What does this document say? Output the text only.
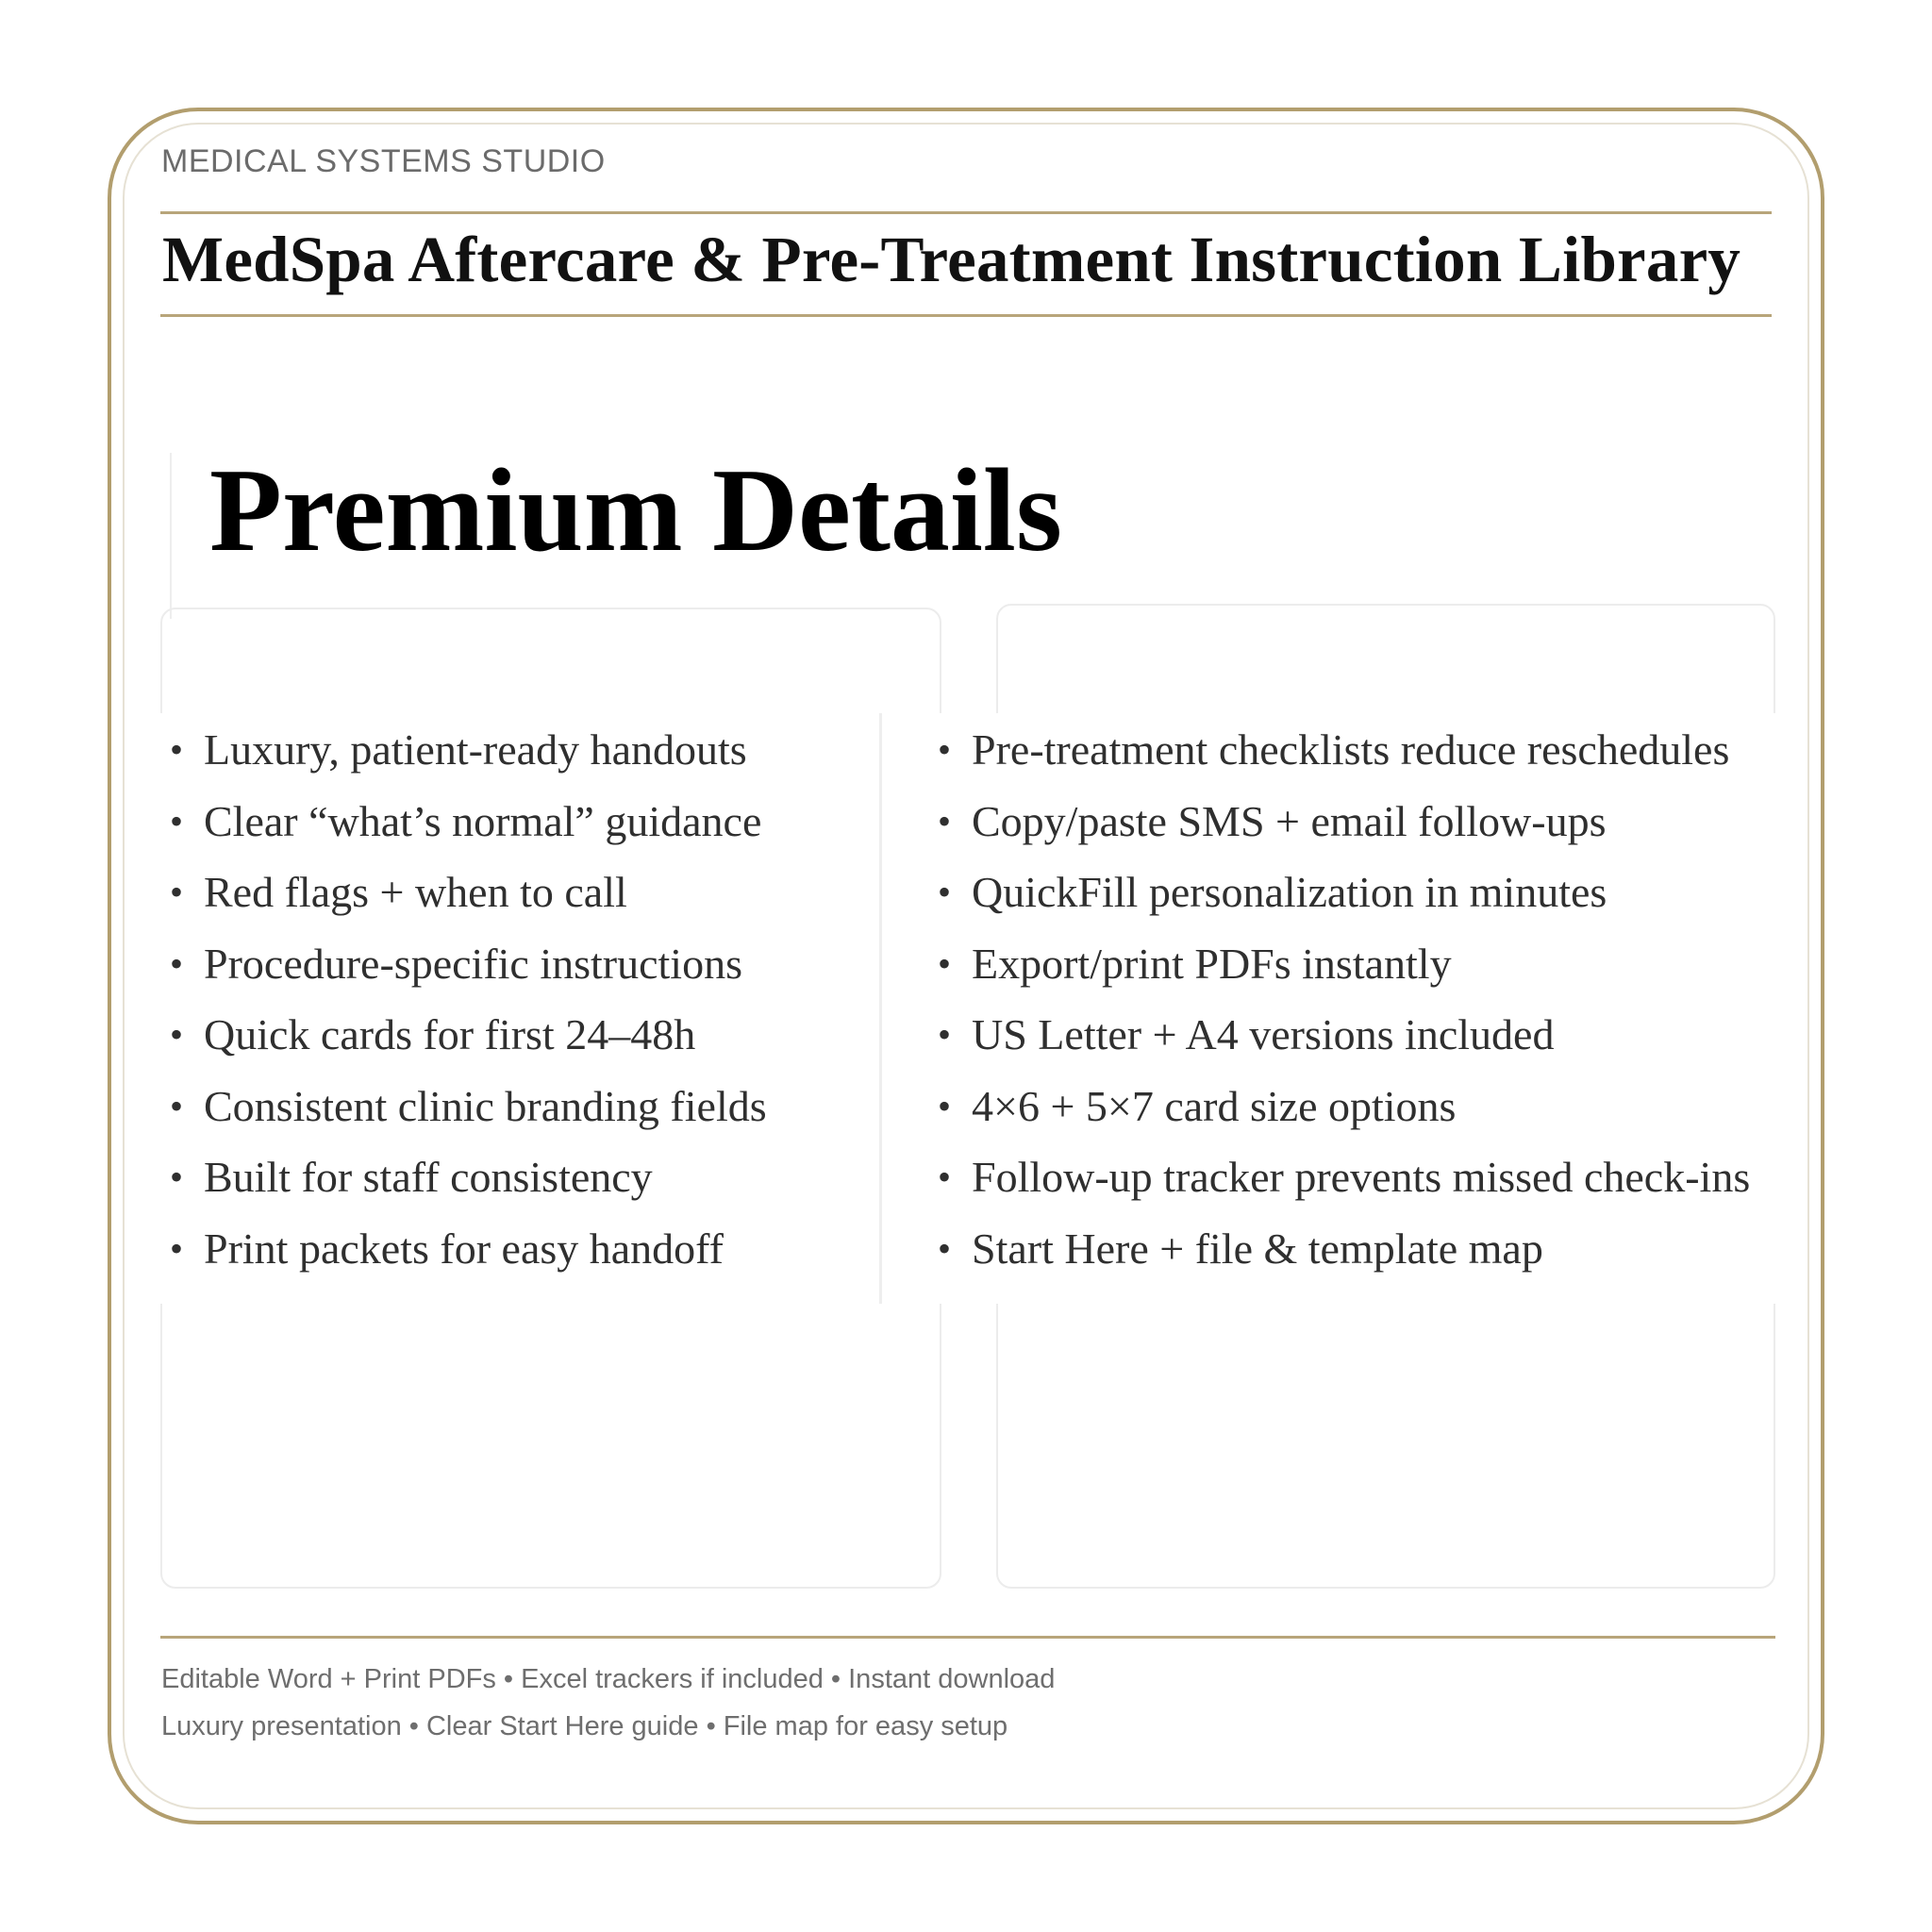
MEDICAL SYSTEMS STUDIO
MedSpa Aftercare & Pre-Treatment Instruction Library
Premium Details
• Luxury, patient-ready handouts
• Clear “what’s normal” guidance
• Red flags + when to call
• Procedure-specific instructions
• Quick cards for first 24–48h
• Consistent clinic branding fields
• Built for staff consistency
• Print packets for easy handoff
• Pre-treatment checklists reduce reschedules
• Copy/paste SMS + email follow-ups
• QuickFill personalization in minutes
• Export/print PDFs instantly
• US Letter + A4 versions included
• 4×6 + 5×7 card size options
• Follow-up tracker prevents missed check-ins
• Start Here + file & template map
Editable Word + Print PDFs • Excel trackers if included • Instant download
Luxury presentation • Clear Start Here guide • File map for easy setup
